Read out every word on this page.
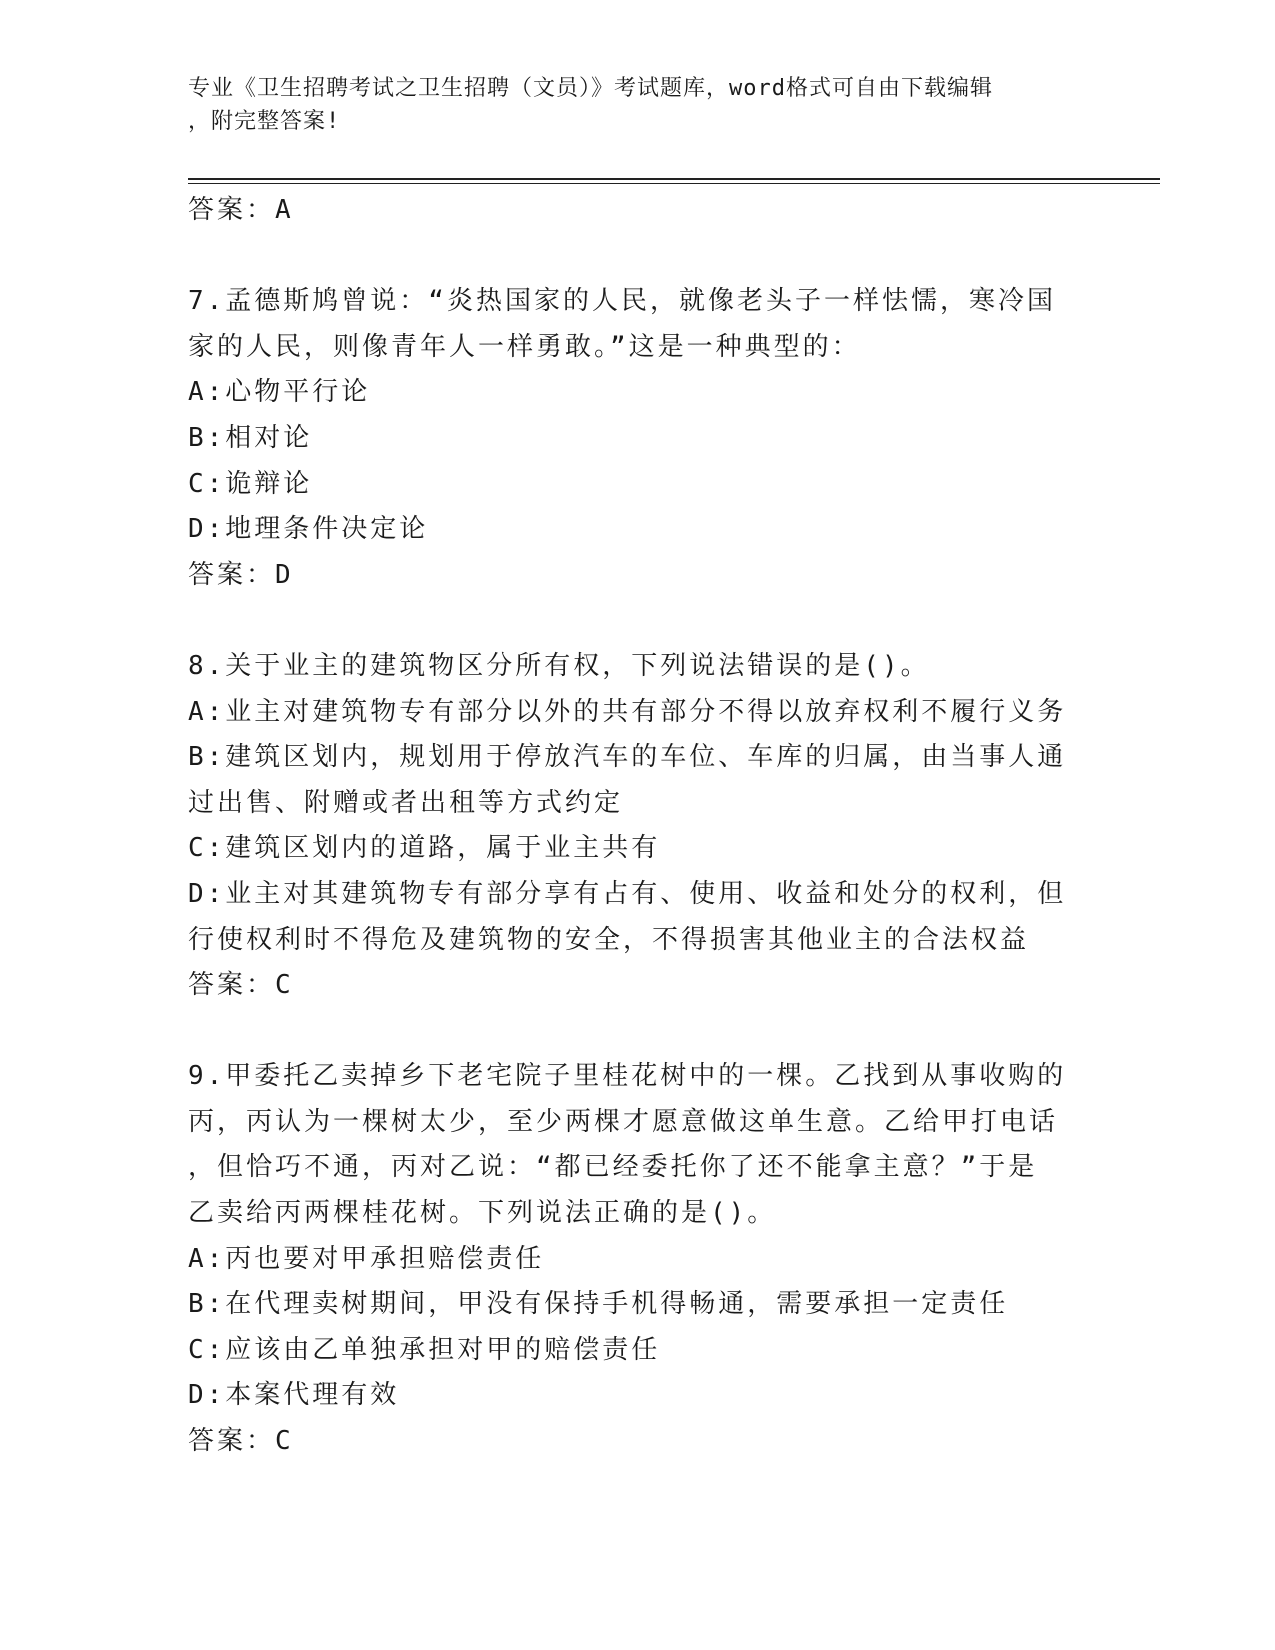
专业《卫生招聘考试之卫生招聘（文员）》考试题库，word格式可自由下载编辑
，附完整答案!
答案：A
7.孟德斯鸠曾说：“炎热国家的人民，就像老头子一样怯懦，寒冷国
家的人民，则像青年人一样勇敢。”这是一种典型的：
A:心物平行论
B:相对论
C:诡辩论
D:地理条件决定论
答案：D
8.关于业主的建筑物区分所有权，下列说法错误的是()。
A:业主对建筑物专有部分以外的共有部分不得以放弃权利不履行义务
B:建筑区划内，规划用于停放汽车的车位、车库的归属，由当事人通
过出售、附赠或者出租等方式约定
C:建筑区划内的道路，属于业主共有
D:业主对其建筑物专有部分享有占有、使用、收益和处分的权利，但
行使权利时不得危及建筑物的安全，不得损害其他业主的合法权益
答案：C
9.甲委托乙卖掉乡下老宅院子里桂花树中的一棵。乙找到从事收购的
丙，丙认为一棵树太少，至少两棵才愿意做这单生意。乙给甲打电话
，但恰巧不通，丙对乙说：“都已经委托你了还不能拿主意？”于是
乙卖给丙两棵桂花树。下列说法正确的是()。
A:丙也要对甲承担赔偿责任
B:在代理卖树期间，甲没有保持手机得畅通，需要承担一定责任
C:应该由乙单独承担对甲的赔偿责任
D:本案代理有效
答案：C
